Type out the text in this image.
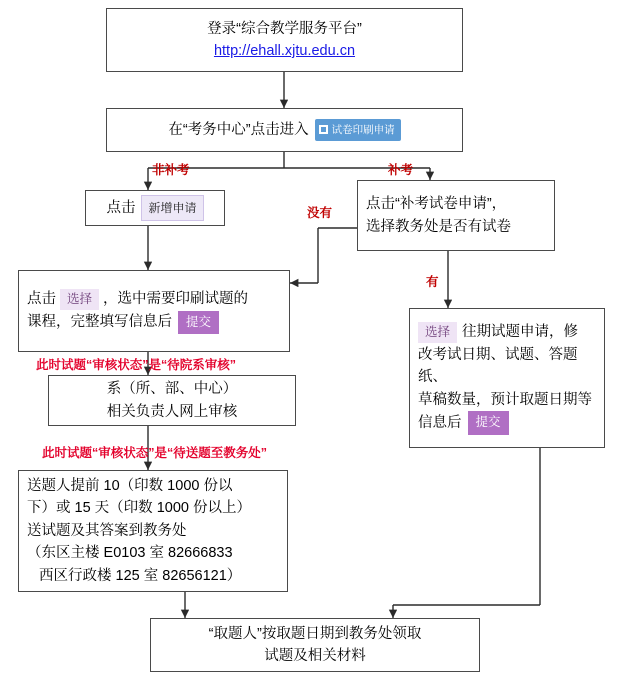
登录“综合教学服务平台”
http://ehall.xjtu.edu.cn
在“考务中心”点击进入	试卷印刷申请
非补考	补考
点击	新增申请	点击“补考试卷申请”，
选择教务处是否有试卷
没有
有
点击 选择 ，选中需要印刷试题的
课程，完整填写信息后	提交
此时试题“审核状态”是“待院系审核”
选择 往期试题申请，修
改考试日期、试题、答题纸、
草稿数量，预计取题日期等
信息后	提交
系（所、部、中心）
相关负责人网上审核
此时试题“审核状态”是“待送题至教务处”
送题人提前 10（印数 1000 份以
下）或 15 天（印数 1000 份以上）
送试题及其答案到教务处
（东区主楼 E0103 室 82666833
西区行政楼 125 室 82656121）
“取题人”按取题日期到教务处领取
试题及相关材料
